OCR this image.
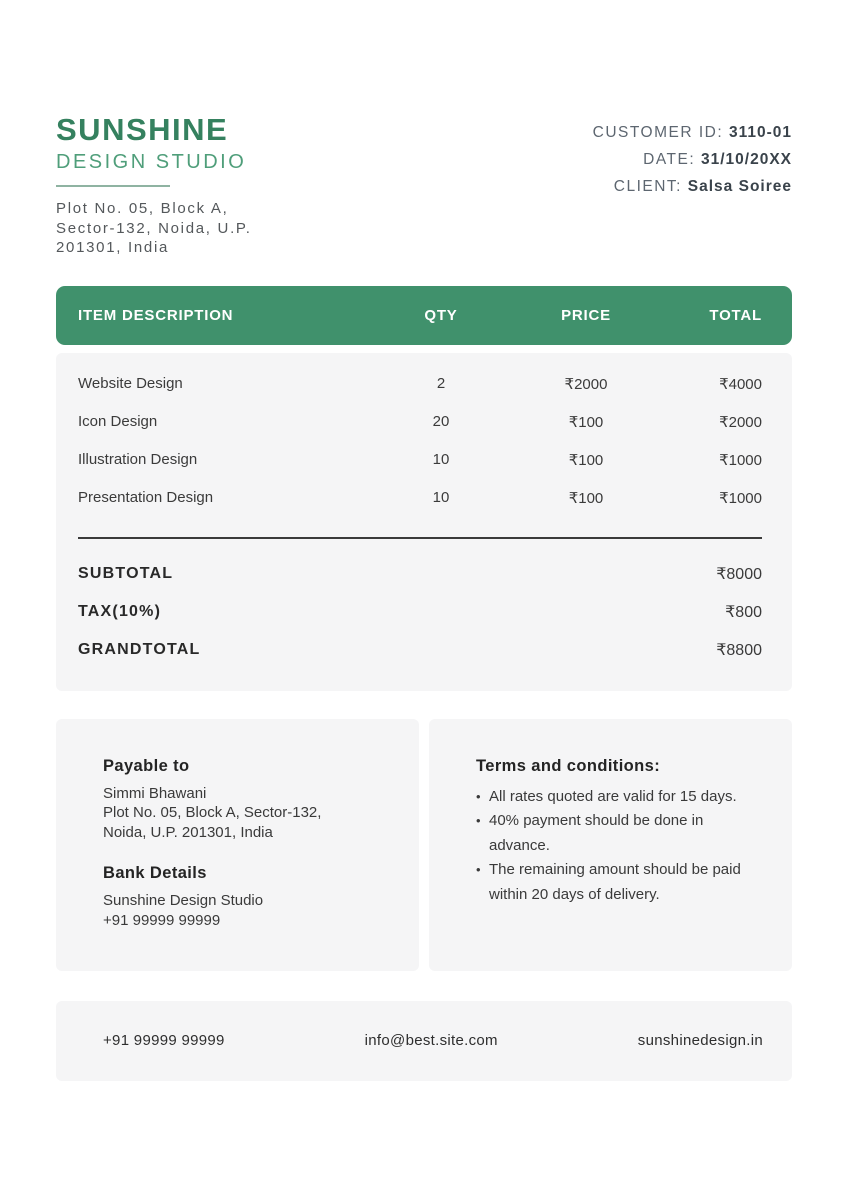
SUNSHINE
DESIGN STUDIO
Plot No. 05, Block A,
Sector-132, Noida, U.P.
201301, India
CUSTOMER ID: 3110-01
DATE: 31/10/20XX
CLIENT: Salsa Soiree
ITEM DESCRIPTION	QTY	PRICE	TOTAL
Website Design	2	₹2000	₹4000
Icon Design	20	₹100	₹2000
Illustration Design	10	₹100	₹1000
Presentation Design	10	₹100	₹1000
SUBTOTAL	₹8000
TAX(10%)	₹800
GRANDTOTAL	₹8800
Payable to
Simmi Bhawani
Plot No. 05, Block A, Sector-132,
Noida, U.P. 201301, India
Bank Details
Sunshine Design Studio
+91 99999 99999
Terms and conditions:
• All rates quoted are valid for 15 days.
• 40% payment should be done in advance.
• The remaining amount should be paid within 20 days of delivery.
+91 99999 99999	info@best.site.com	sunshinedesign.in
